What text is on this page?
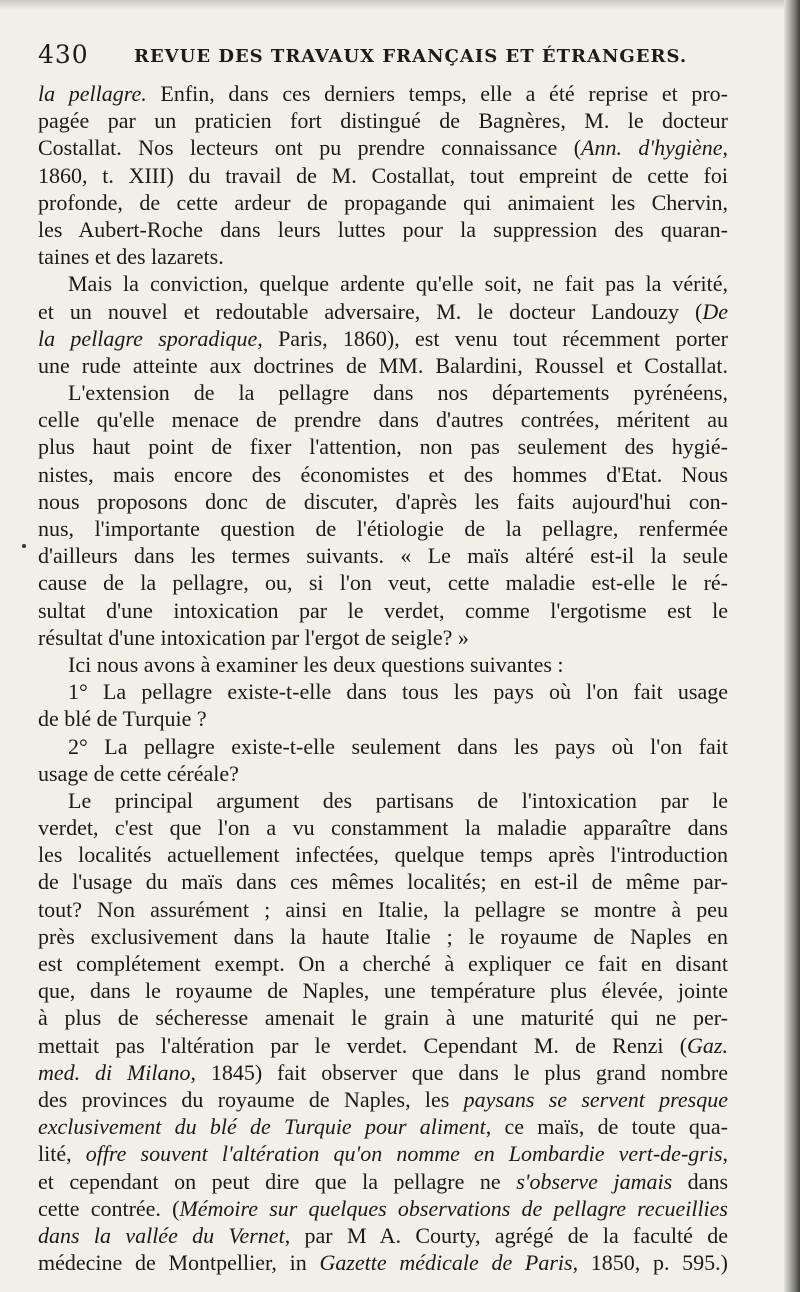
430	REVUE DES TRAVAUX FRANÇAIS ET ÉTRANGERS.
la pellagre. Enfin, dans ces derniers temps, elle a été reprise et pro-
pagée par un praticien fort distingué de Bagnères, M. le docteur
Costallat. Nos lecteurs ont pu prendre connaissance (Ann. d'hygiène,
1860, t. XIII) du travail de M. Costallat, tout empreint de cette foi
profonde, de cette ardeur de propagande qui animaient les Chervin,
les Aubert-Roche dans leurs luttes pour la suppression des quaran-
taines et des lazarets.
Mais la conviction, quelque ardente qu'elle soit, ne fait pas la vérité,
et un nouvel et redoutable adversaire, M. le docteur Landouzy (De
la pellagre sporadique, Paris, 1860), est venu tout récemment porter
une rude atteinte aux doctrines de MM. Balardini, Roussel et Costallat.
L'extension de la pellagre dans nos départements pyrénéens,
celle qu'elle menace de prendre dans d'autres contrées, méritent au
plus haut point de fixer l'attention, non pas seulement des hygié-
nistes, mais encore des économistes et des hommes d'Etat. Nous
nous proposons donc de discuter, d'après les faits aujourd'hui con-
nus, l'importante question de l'étiologie de la pellagre, renfermée
d'ailleurs dans les termes suivants. « Le maïs altéré est-il la seule
cause de la pellagre, ou, si l'on veut, cette maladie est-elle le ré-
sultat d'une intoxication par le verdet, comme l'ergotisme est le
résultat d'une intoxication par l'ergot de seigle? »
Ici nous avons à examiner les deux questions suivantes :
1° La pellagre existe-t-elle dans tous les pays où l'on fait usage
de blé de Turquie ?
2° La pellagre existe-t-elle seulement dans les pays où l'on fait
usage de cette céréale?
Le principal argument des partisans de l'intoxication par le
verdet, c'est que l'on a vu constamment la maladie apparaître dans
les localités actuellement infectées, quelque temps après l'introduction
de l'usage du maïs dans ces mêmes localités; en est-il de même par-
tout? Non assurément ; ainsi en Italie, la pellagre se montre à peu
près exclusivement dans la haute Italie ; le royaume de Naples en
est complétement exempt. On a cherché à expliquer ce fait en disant
que, dans le royaume de Naples, une température plus élevée, jointe
à plus de sécheresse amenait le grain à une maturité qui ne per-
mettait pas l'altération par le verdet. Cependant M. de Renzi (Gaz.
med. di Milano, 1845) fait observer que dans le plus grand nombre
des provinces du royaume de Naples, les paysans se servent presque
exclusivement du blé de Turquie pour aliment, ce maïs, de toute qua-
lité, offre souvent l'altération qu'on nomme en Lombardie vert-de-gris,
et cependant on peut dire que la pellagre ne s'observe jamais dans
cette contrée. (Mémoire sur quelques observations de pellagre recueillies
dans la vallée du Vernet, par M A. Courty, agrégé de la faculté de
médecine de Montpellier, in Gazette médicale de Paris, 1850, p. 595.)
